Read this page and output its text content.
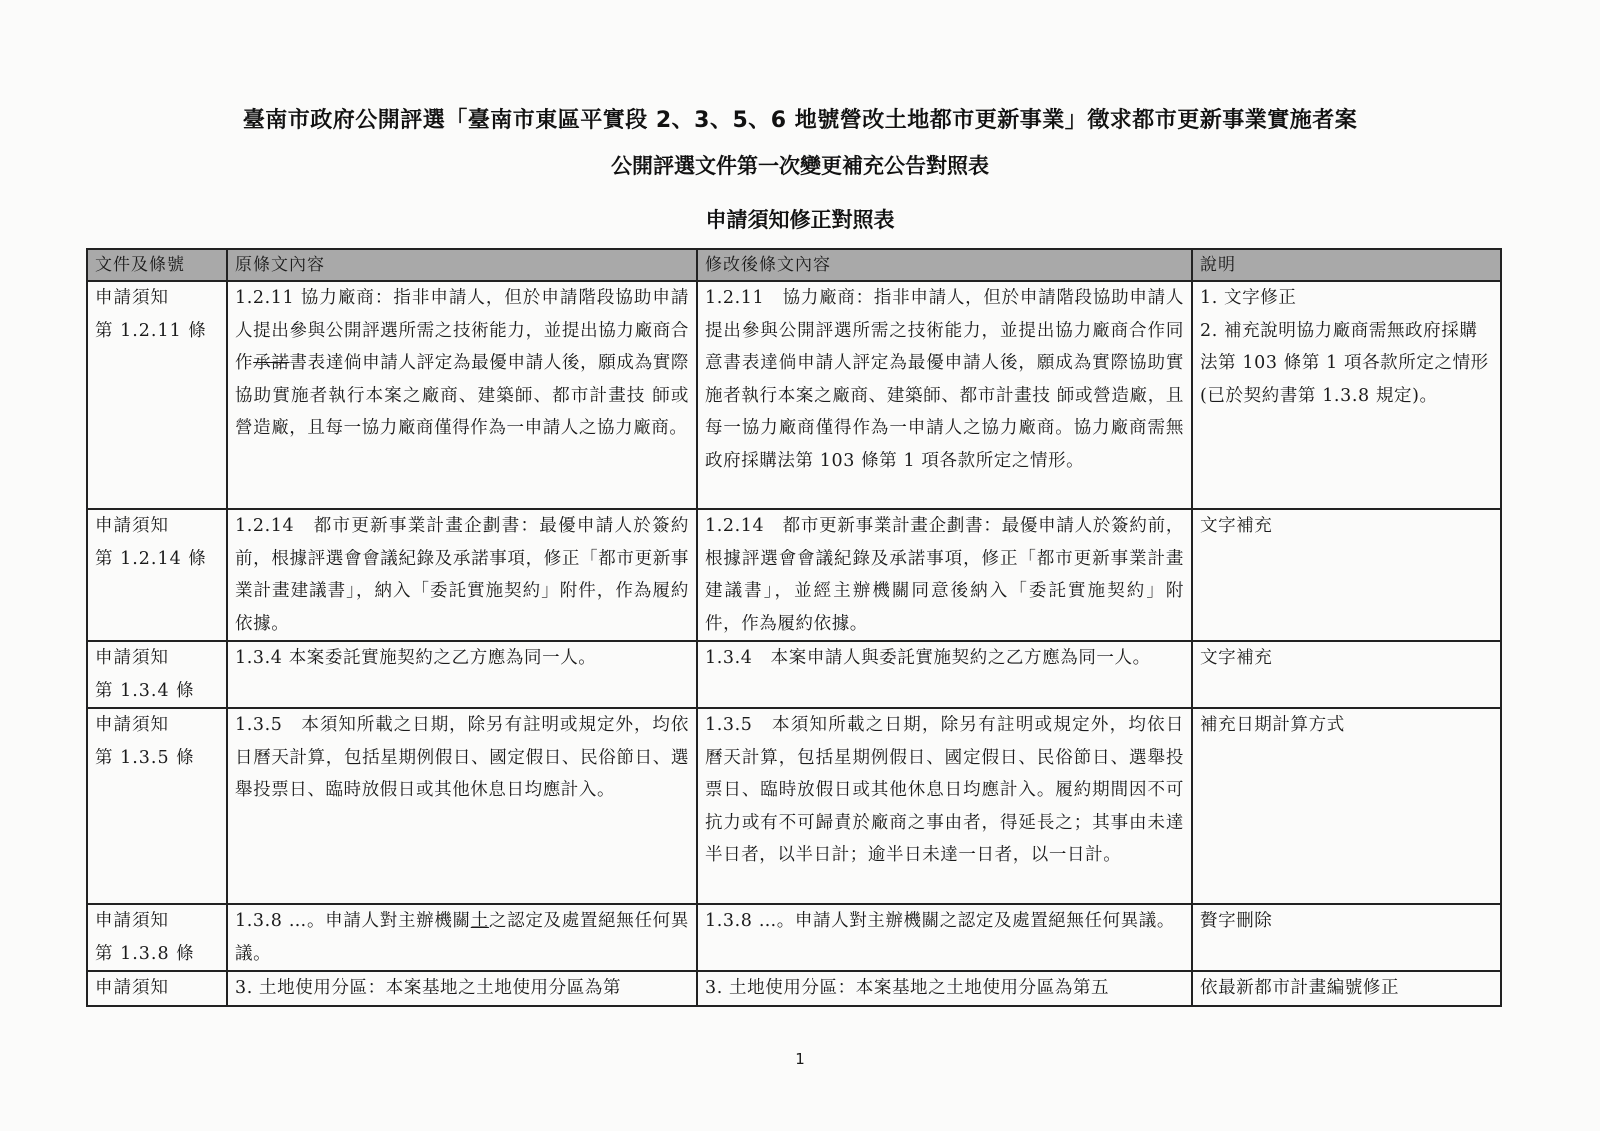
臺南市政府公開評選「臺南市東區平實段 2、3、5、6 地號營改土地都市更新事業」徵求都市更新事業實施者案
公開評選文件第一次變更補充公告對照表
申請須知修正對照表
文件及條號	原條文內容	修改後條文內容	說明

申請須知
第 1.2.11 條	1.2.11 協力廠商：指非申請人，但於申請階段協助申請人提出參與公開評選所需之技術能力，並提出協力廠商合作承諾書表達倘申請人評定為最優申請人後，願成為實際協助實施者執行本案之廠商、建築師、都市計畫技 師或營造廠，且每一協力廠商僅得作為一申請人之協力廠商。	1.2.11　協力廠商：指非申請人，但於申請階段協助申請人提出參與公開評選所需之技術能力，並提出協力廠商合作同意書表達倘申請人評定為最優申請人後，願成為實際協助實施者執行本案之廠商、建築師、都市計畫技 師或營造廠，且每一協力廠商僅得作為一申請人之協力廠商。協力廠商需無政府採購法第 103 條第 1 項各款所定之情形。	1. 文字修正
2. 補充說明協力廠商需無政府採購法第 103 條第 1 項各款所定之情形(已於契約書第 1.3.8 規定)。

申請須知
第 1.2.14 條	1.2.14　都市更新事業計畫企劃書：最優申請人於簽約前，根據評選會會議紀錄及承諾事項，修正「都市更新事業計畫建議書」，納入「委託實施契約」附件，作為履約依據。	1.2.14　都市更新事業計畫企劃書：最優申請人於簽約前，根據評選會會議紀錄及承諾事項，修正「都市更新事業計畫建議書」，並經主辦機關同意後納入「委託實施契約」附件，作為履約依據。	文字補充

申請須知
第 1.3.4 條	1.3.4 本案委託實施契約之乙方應為同一人。	1.3.4　本案申請人與委託實施契約之乙方應為同一人。	文字補充

申請須知
第 1.3.5 條	1.3.5　本須知所載之日期，除另有註明或規定外，均依日曆天計算，包括星期例假日、國定假日、民俗節日、選舉投票日、臨時放假日或其他休息日均應計入。	1.3.5　本須知所載之日期，除另有註明或規定外，均依日曆天計算，包括星期例假日、國定假日、民俗節日、選舉投票日、臨時放假日或其他休息日均應計入。履約期間因不可抗力或有不可歸責於廠商之事由者，得延長之；其事由未達半日者，以半日計；逾半日未達一日者，以一日計。	補充日期計算方式

申請須知
第 1.3.8 條	1.3.8 …。申請人對主辦機關土之認定及處置絕無任何異議。	1.3.8 …。申請人對主辦機關之認定及處置絕無任何異議。	贅字刪除

申請須知	3. 土地使用分區：本案基地之土地使用分區為第	3. 土地使用分區：本案基地之土地使用分區為第五	依最新都市計畫編號修正
1
